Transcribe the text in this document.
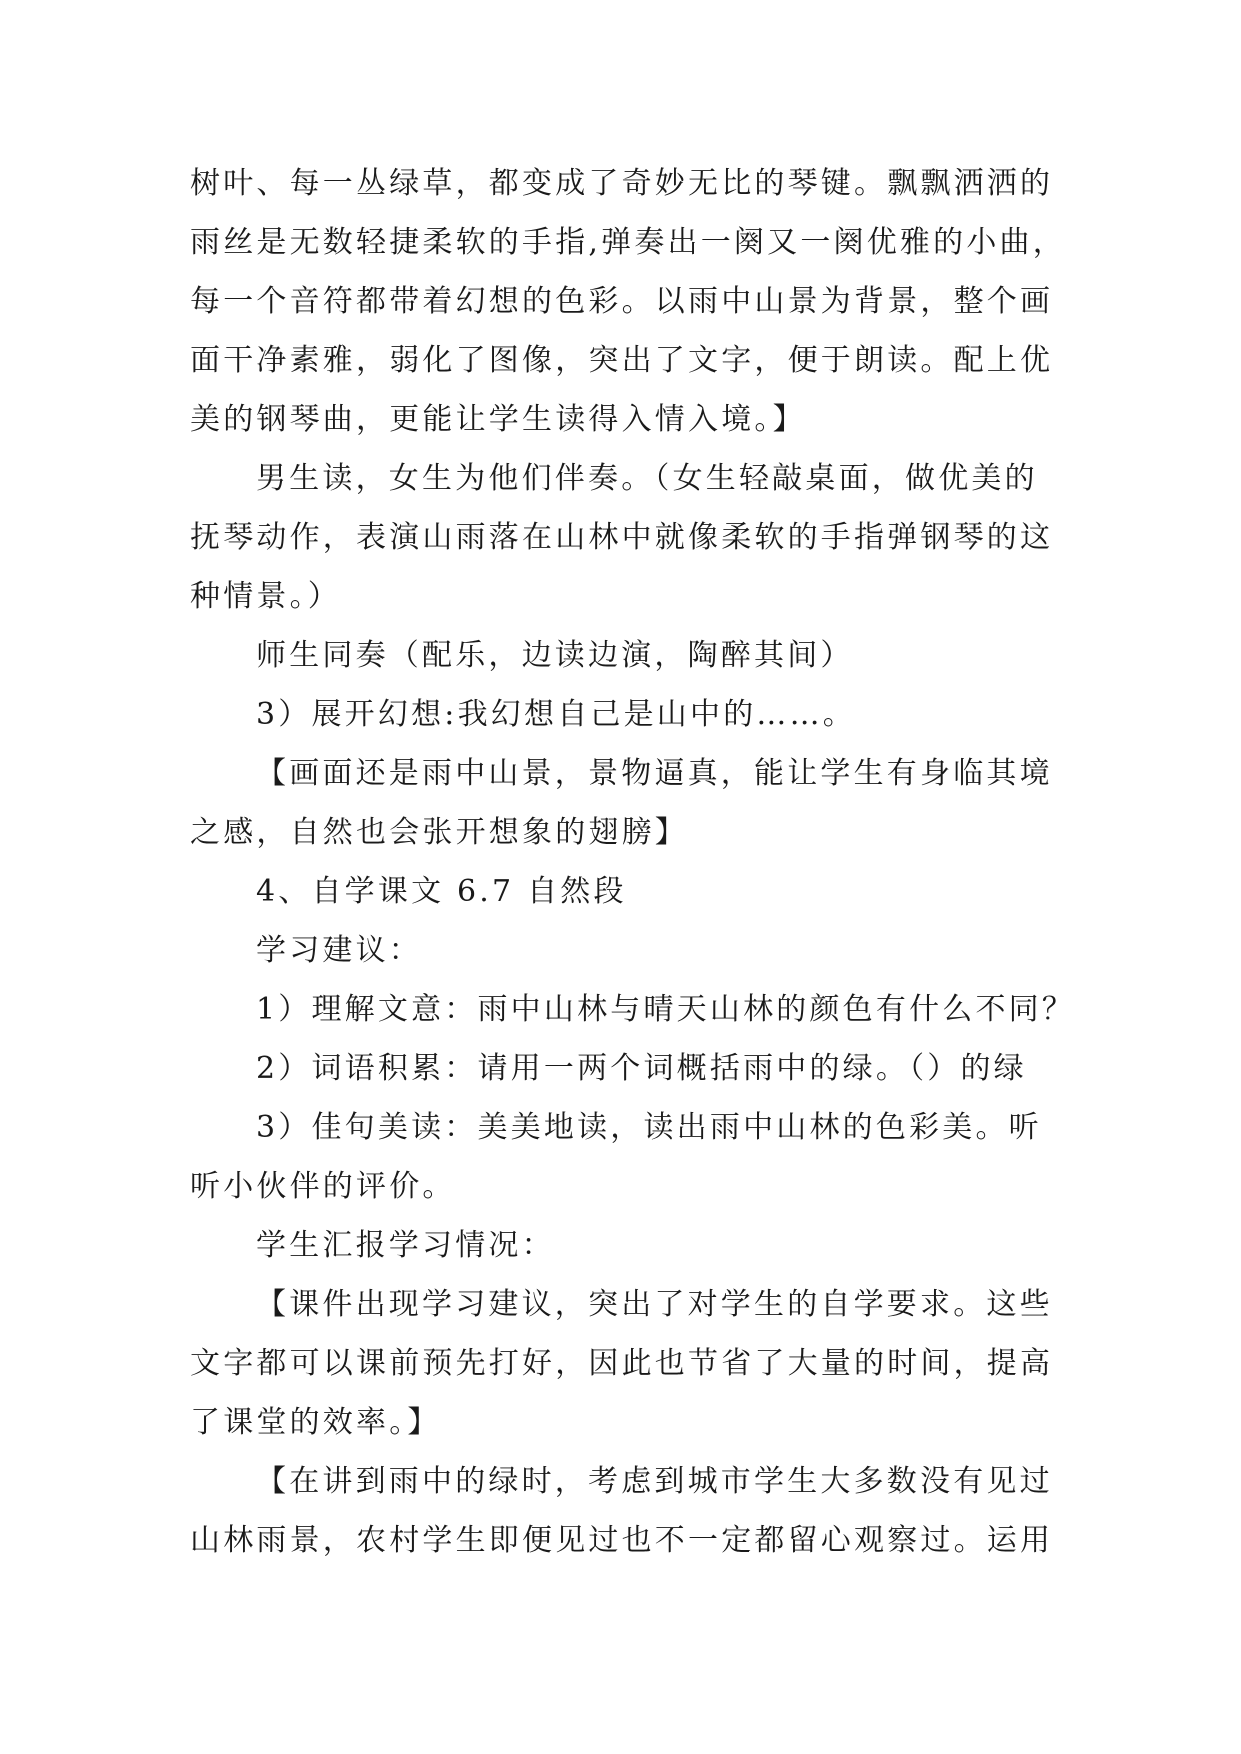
树叶、每一丛绿草，都变成了奇妙无比的琴键。飘飘洒洒的
雨丝是无数轻捷柔软的手指,弹奏出一阕又一阕优雅的小曲，
每一个音符都带着幻想的色彩。以雨中山景为背景，整个画
面干净素雅，弱化了图像，突出了文字，便于朗读。配上优
美的钢琴曲，更能让学生读得入情入境。】
男生读，女生为他们伴奏。（女生轻敲桌面，做优美的
抚琴动作，表演山雨落在山林中就像柔软的手指弹钢琴的这
种情景。）
师生同奏（配乐，边读边演，陶醉其间）
3）展开幻想:我幻想自己是山中的……。
【画面还是雨中山景，景物逼真，能让学生有身临其境
之感，自然也会张开想象的翅膀】
4、自学课文 6.7 自然段
学习建议：
1）理解文意：雨中山林与晴天山林的颜色有什么不同？
2）词语积累：请用一两个词概括雨中的绿。（）的绿
3）佳句美读：美美地读，读出雨中山林的色彩美。听
听小伙伴的评价。
学生汇报学习情况：
【课件出现学习建议，突出了对学生的自学要求。这些
文字都可以课前预先打好，因此也节省了大量的时间，提高
了课堂的效率。】
【在讲到雨中的绿时，考虑到城市学生大多数没有见过
山林雨景，农村学生即便见过也不一定都留心观察过。运用
